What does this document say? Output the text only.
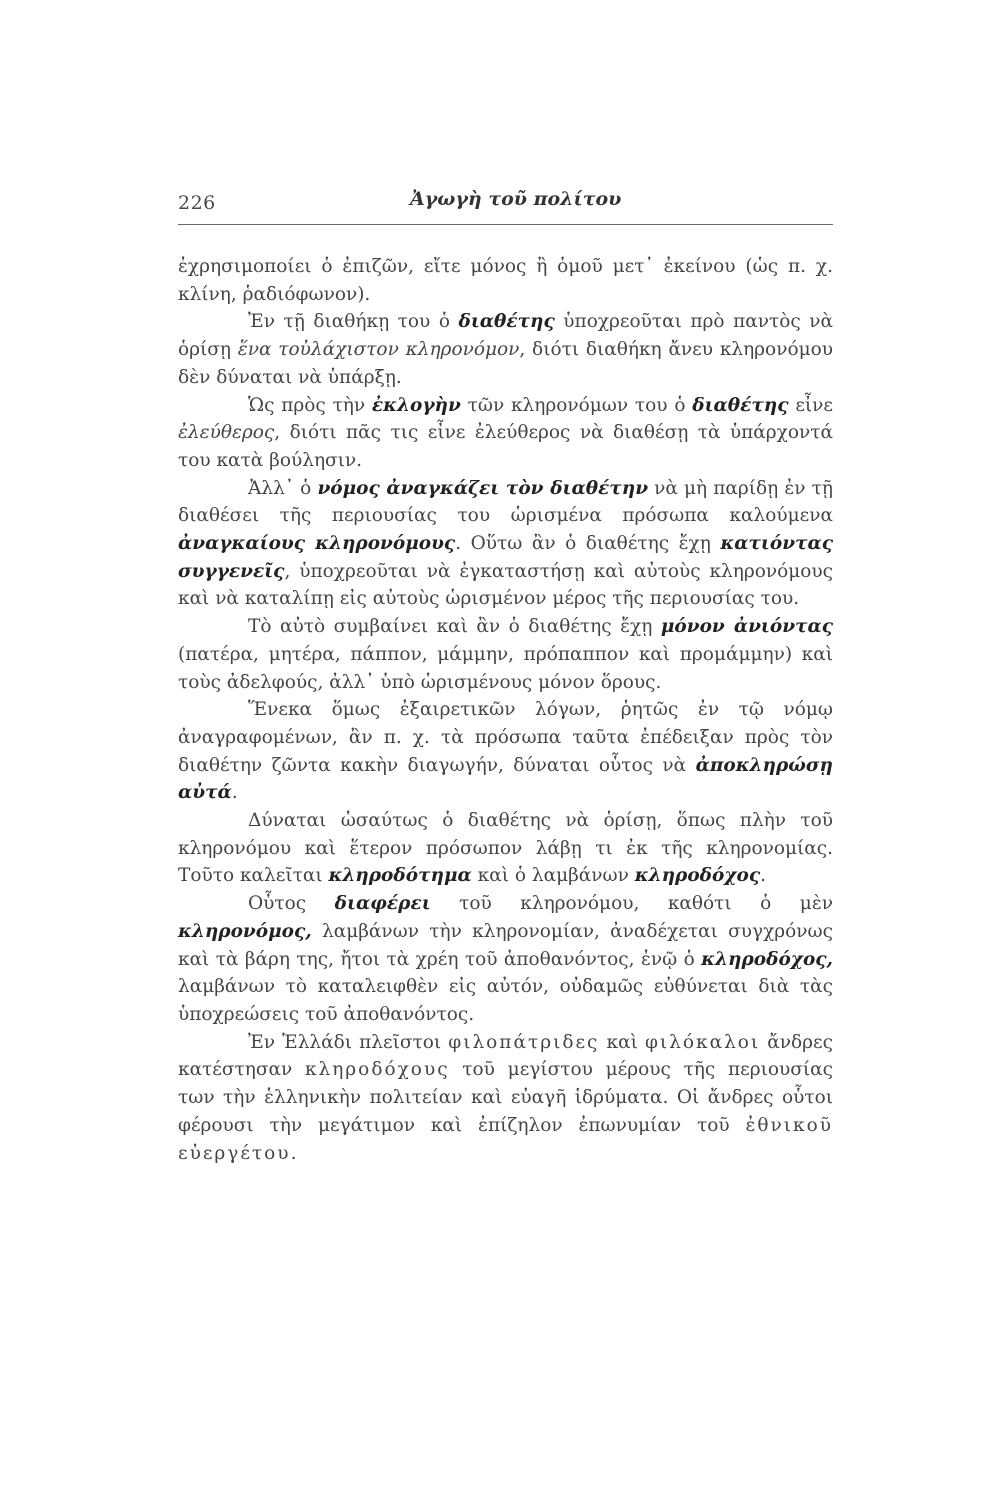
226	Ἀγωγὴ τοῦ πολίτου

ἐχρησιμοποίει ὁ ἐπιζῶν, εἴτε μόνος ἢ ὁμοῦ μετ᾽ ἐκείνου (ὡς π. χ. κλίνη, ῥαδιόφωνον).

Ἐν τῇ διαθήκῃ του ὁ διαθέτης ὑποχρεοῦται πρὸ παντὸς νὰ ὁρίσῃ ἕνα τοὐλάχιστον κληρονόμον, διότι διαθήκη ἄνευ κληρονόμου δὲν δύναται νὰ ὑπάρξῃ.

Ὡς πρὸς τὴν ἐκλογὴν τῶν κληρονόμων του ὁ διαθέτης εἶνε ἐλεύθερος, διότι πᾶς τις εἶνε ἐλεύθερος νὰ διαθέσῃ τὰ ὑπάρχοντά του κατὰ βούλησιν.

Ἀλλ᾽ ὁ νόμος ἀναγκάζει τὸν διαθέτην νὰ μὴ παρίδῃ ἐν τῇ διαθέσει τῆς περιουσίας του ὡρισμένα πρόσωπα καλούμενα ἀναγκαίους κληρονόμους. Οὕτω ἂν ὁ διαθέτης ἔχῃ κατιόντας συγγενεῖς, ὑποχρεοῦται νὰ ἐγκαταστήσῃ καὶ αὐτοὺς κληρονόμους καὶ νὰ καταλίπῃ εἰς αὐτοὺς ὡρισμένον μέρος τῆς περιουσίας του.

Τὸ αὐτὸ συμβαίνει καὶ ἂν ὁ διαθέτης ἔχῃ μόνον ἀνιόντας (πατέρα, μητέρα, πάππον, μάμμην, πρόπαππον καὶ προμάμμην) καὶ τοὺς ἀδελφούς, ἀλλ᾽ ὑπὸ ὡρισμένους μόνον ὅρους.

Ἕνεκα ὅμως ἐξαιρετικῶν λόγων, ῥητῶς ἐν τῷ νόμῳ ἀναγραφομένων, ἂν π. χ. τὰ πρόσωπα ταῦτα ἐπέδειξαν πρὸς τὸν διαθέτην ζῶντα κακὴν διαγωγήν, δύναται οὗτος νὰ ἀποκληρώσῃ αὐτά.

Δύναται ὡσαύτως ὁ διαθέτης νὰ ὁρίσῃ, ὅπως πλὴν τοῦ κληρονόμου καὶ ἕτερον πρόσωπον λάβῃ τι ἐκ τῆς κληρονομίας. Τοῦτο καλεῖται κληροδότημα καὶ ὁ λαμβάνων κληροδόχος.

Οὗτος διαφέρει τοῦ κληρονόμου, καθότι ὁ μὲν κληρονόμος, λαμβάνων τὴν κληρονομίαν, ἀναδέχεται συγχρόνως καὶ τὰ βάρη της, ἤτοι τὰ χρέη τοῦ ἀποθανόντος, ἐνῷ ὁ κληροδόχος, λαμβάνων τὸ καταλειφθὲν εἰς αὐτόν, οὐδαμῶς εὐθύνεται διὰ τὰς ὑποχρεώσεις τοῦ ἀποθανόντος.

Ἐν Ἑλλάδι πλεῖστοι φιλοπάτριδες καὶ φιλόκαλοι ἄνδρες κατέστησαν κληροδόχους τοῦ μεγίστου μέρους τῆς περιουσίας των τὴν ἑλληνικὴν πολιτείαν καὶ εὐαγῆ ἱδρύματα. Οἱ ἄνδρες οὗτοι φέρουσι τὴν μεγάτιμον καὶ ἐπίζηλον ἐπωνυμίαν τοῦ ἐθνικοῦ εὐεργέτου.
